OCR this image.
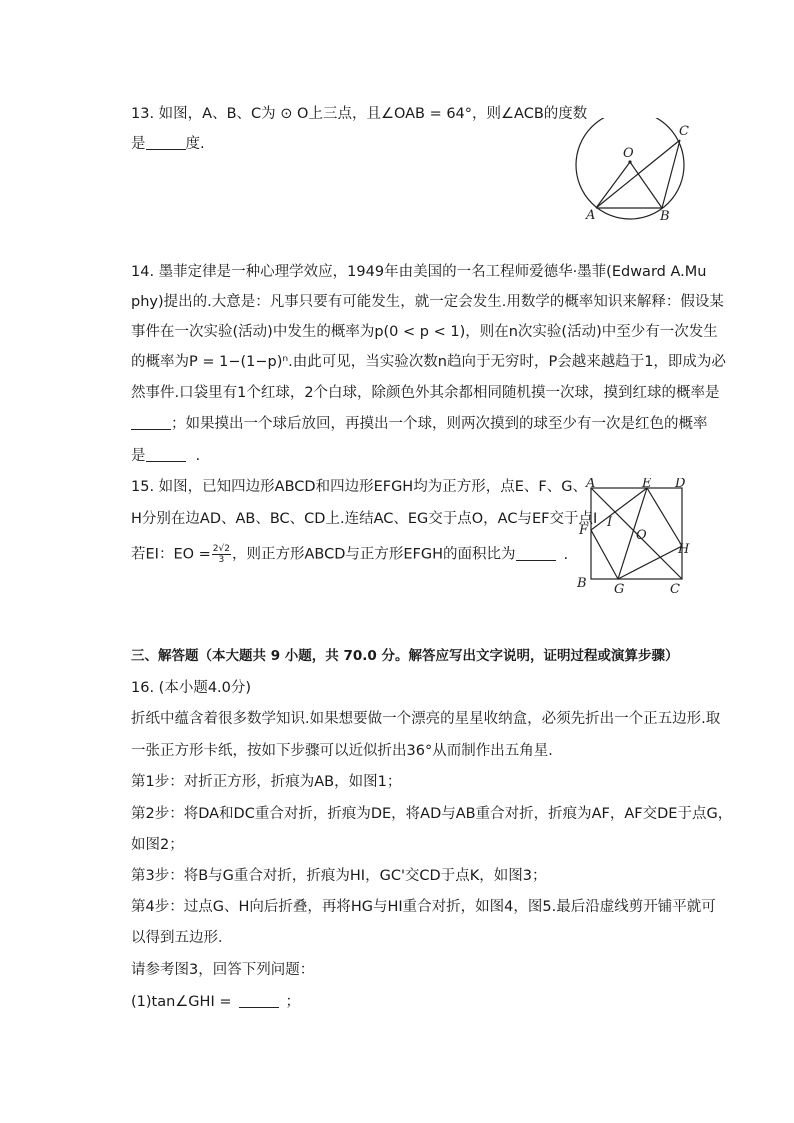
13. 如图，A、B、C为 ⊙ O上三点，且∠OAB = 64°，则∠ACB的度数
是	度.
O
A	B
C
14. 墨菲定律是一种心理学效应，1949年由美国的一名工程师爱德华·墨菲(Edward A.Mu
phy)提出的.大意是：凡事只要有可能发生，就一定会发生.用数学的概率知识来解释：假设某
事件在一次实验(活动)中发生的概率为p(0 < p < 1)，则在n次实验(活动)中至少有一次发生
的概率为P = 1−(1−p)ⁿ.由此可见，当实验次数n趋向于无穷时，P会越来越趋于1，即成为必
然事件.口袋里有1个红球，2个白球，除颜色外其余都相同随机摸一次球，摸到红球的概率是
；如果摸出一个球后放回，再摸出一个球，则两次摸到的球至少有一次是红色的概率
是	.
15. 如图，已知四边形ABCD和四边形EFGH均为正方形，点E、F、G、
H分别在边AD、AB、BC、CD上.连结AC、EG交于点O，AC与EF交于点I
若EI：EO = $\frac{2√2}{3}$ ，则正方形ABCD与正方形EFGH的面积比为	.
A	E D
F
I
O
H
B G	C
三、解答题（本大题共 9 小题，共 70.0 分。解答应写出文字说明，证明过程或演算步骤）
16. (本小题4.0分)
折纸中蕴含着很多数学知识.如果想要做一个漂亮的星星收纳盒，必须先折出一个正五边形.取
一张正方形卡纸，按如下步骤可以近似折出36°从而制作出五角星．
第1步：对折正方形，折痕为AB，如图1；
第2步：将DA和DC重合对折，折痕为DE，将AD与AB重合对折，折痕为AF，AF交DE于点G，
如图2；
第3步：将B与G重合对折，折痕为HI，GC'交CD于点K，如图3；
第4步：过点G、H向后折叠，再将HG与HI重合对折，如图4，图5.最后沿虚线剪开铺平就可
以得到五边形．
请参考图3，回答下列问题：
(1)tan∠GHI =	；
